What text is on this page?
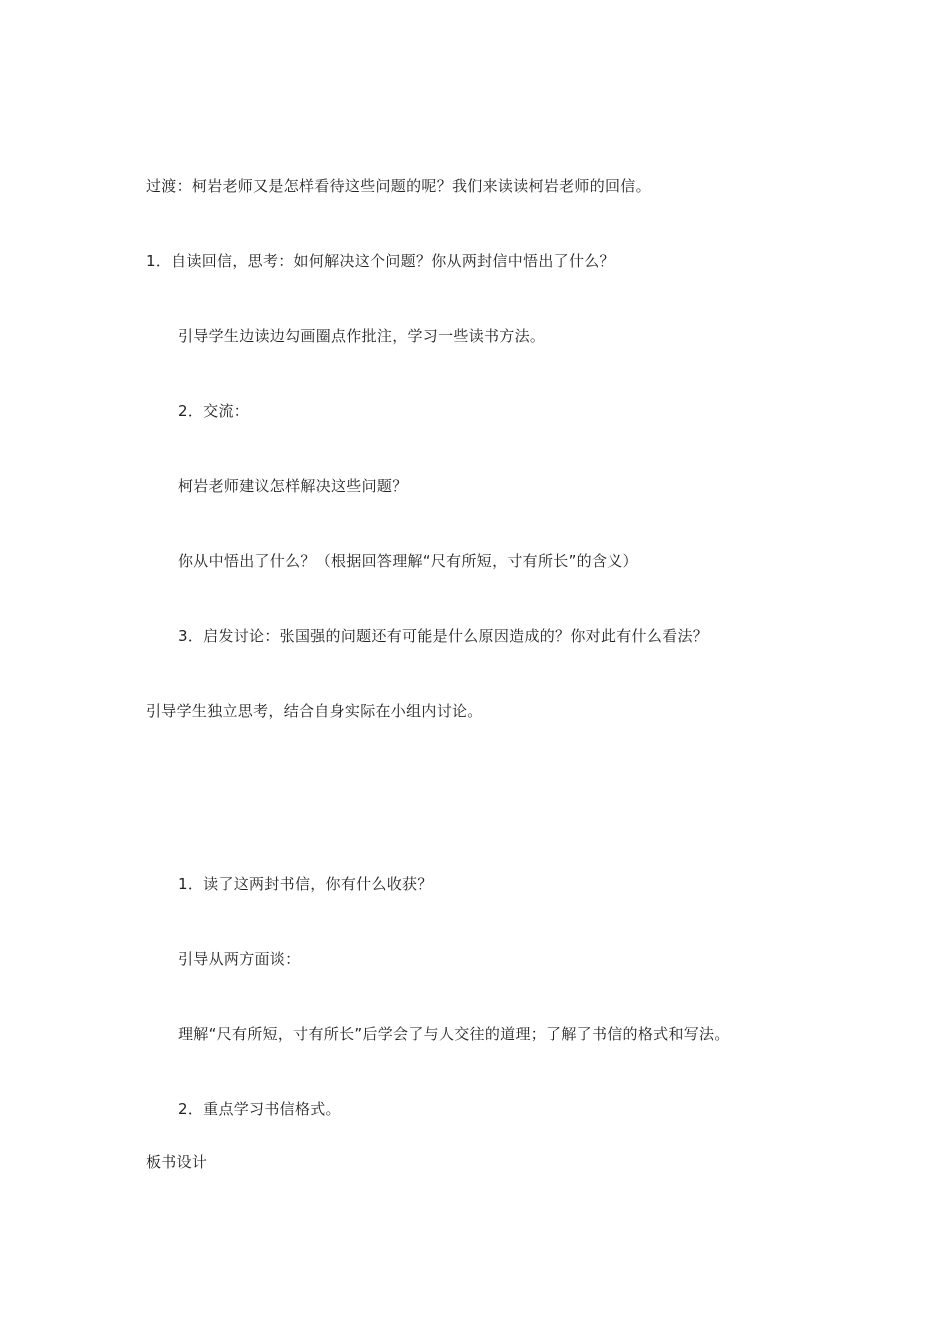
过渡：柯岩老师又是怎样看待这些问题的呢？我们来读读柯岩老师的回信。
1．自读回信，思考：如何解决这个问题？你从两封信中悟出了什么？
引导学生边读边勾画圈点作批注，学习一些读书方法。
2．交流：
柯岩老师建议怎样解决这些问题？
你从中悟出了什么？（根据回答理解“尺有所短，寸有所长”的含义）
3．启发讨论：张国强的问题还有可能是什么原因造成的？你对此有什么看法？
引导学生独立思考，结合自身实际在小组内讨论。
1．读了这两封书信，你有什么收获？
引导从两方面谈：
理解“尺有所短，寸有所长”后学会了与人交往的道理；了解了书信的格式和写法。
2．重点学习书信格式。
板书设计
